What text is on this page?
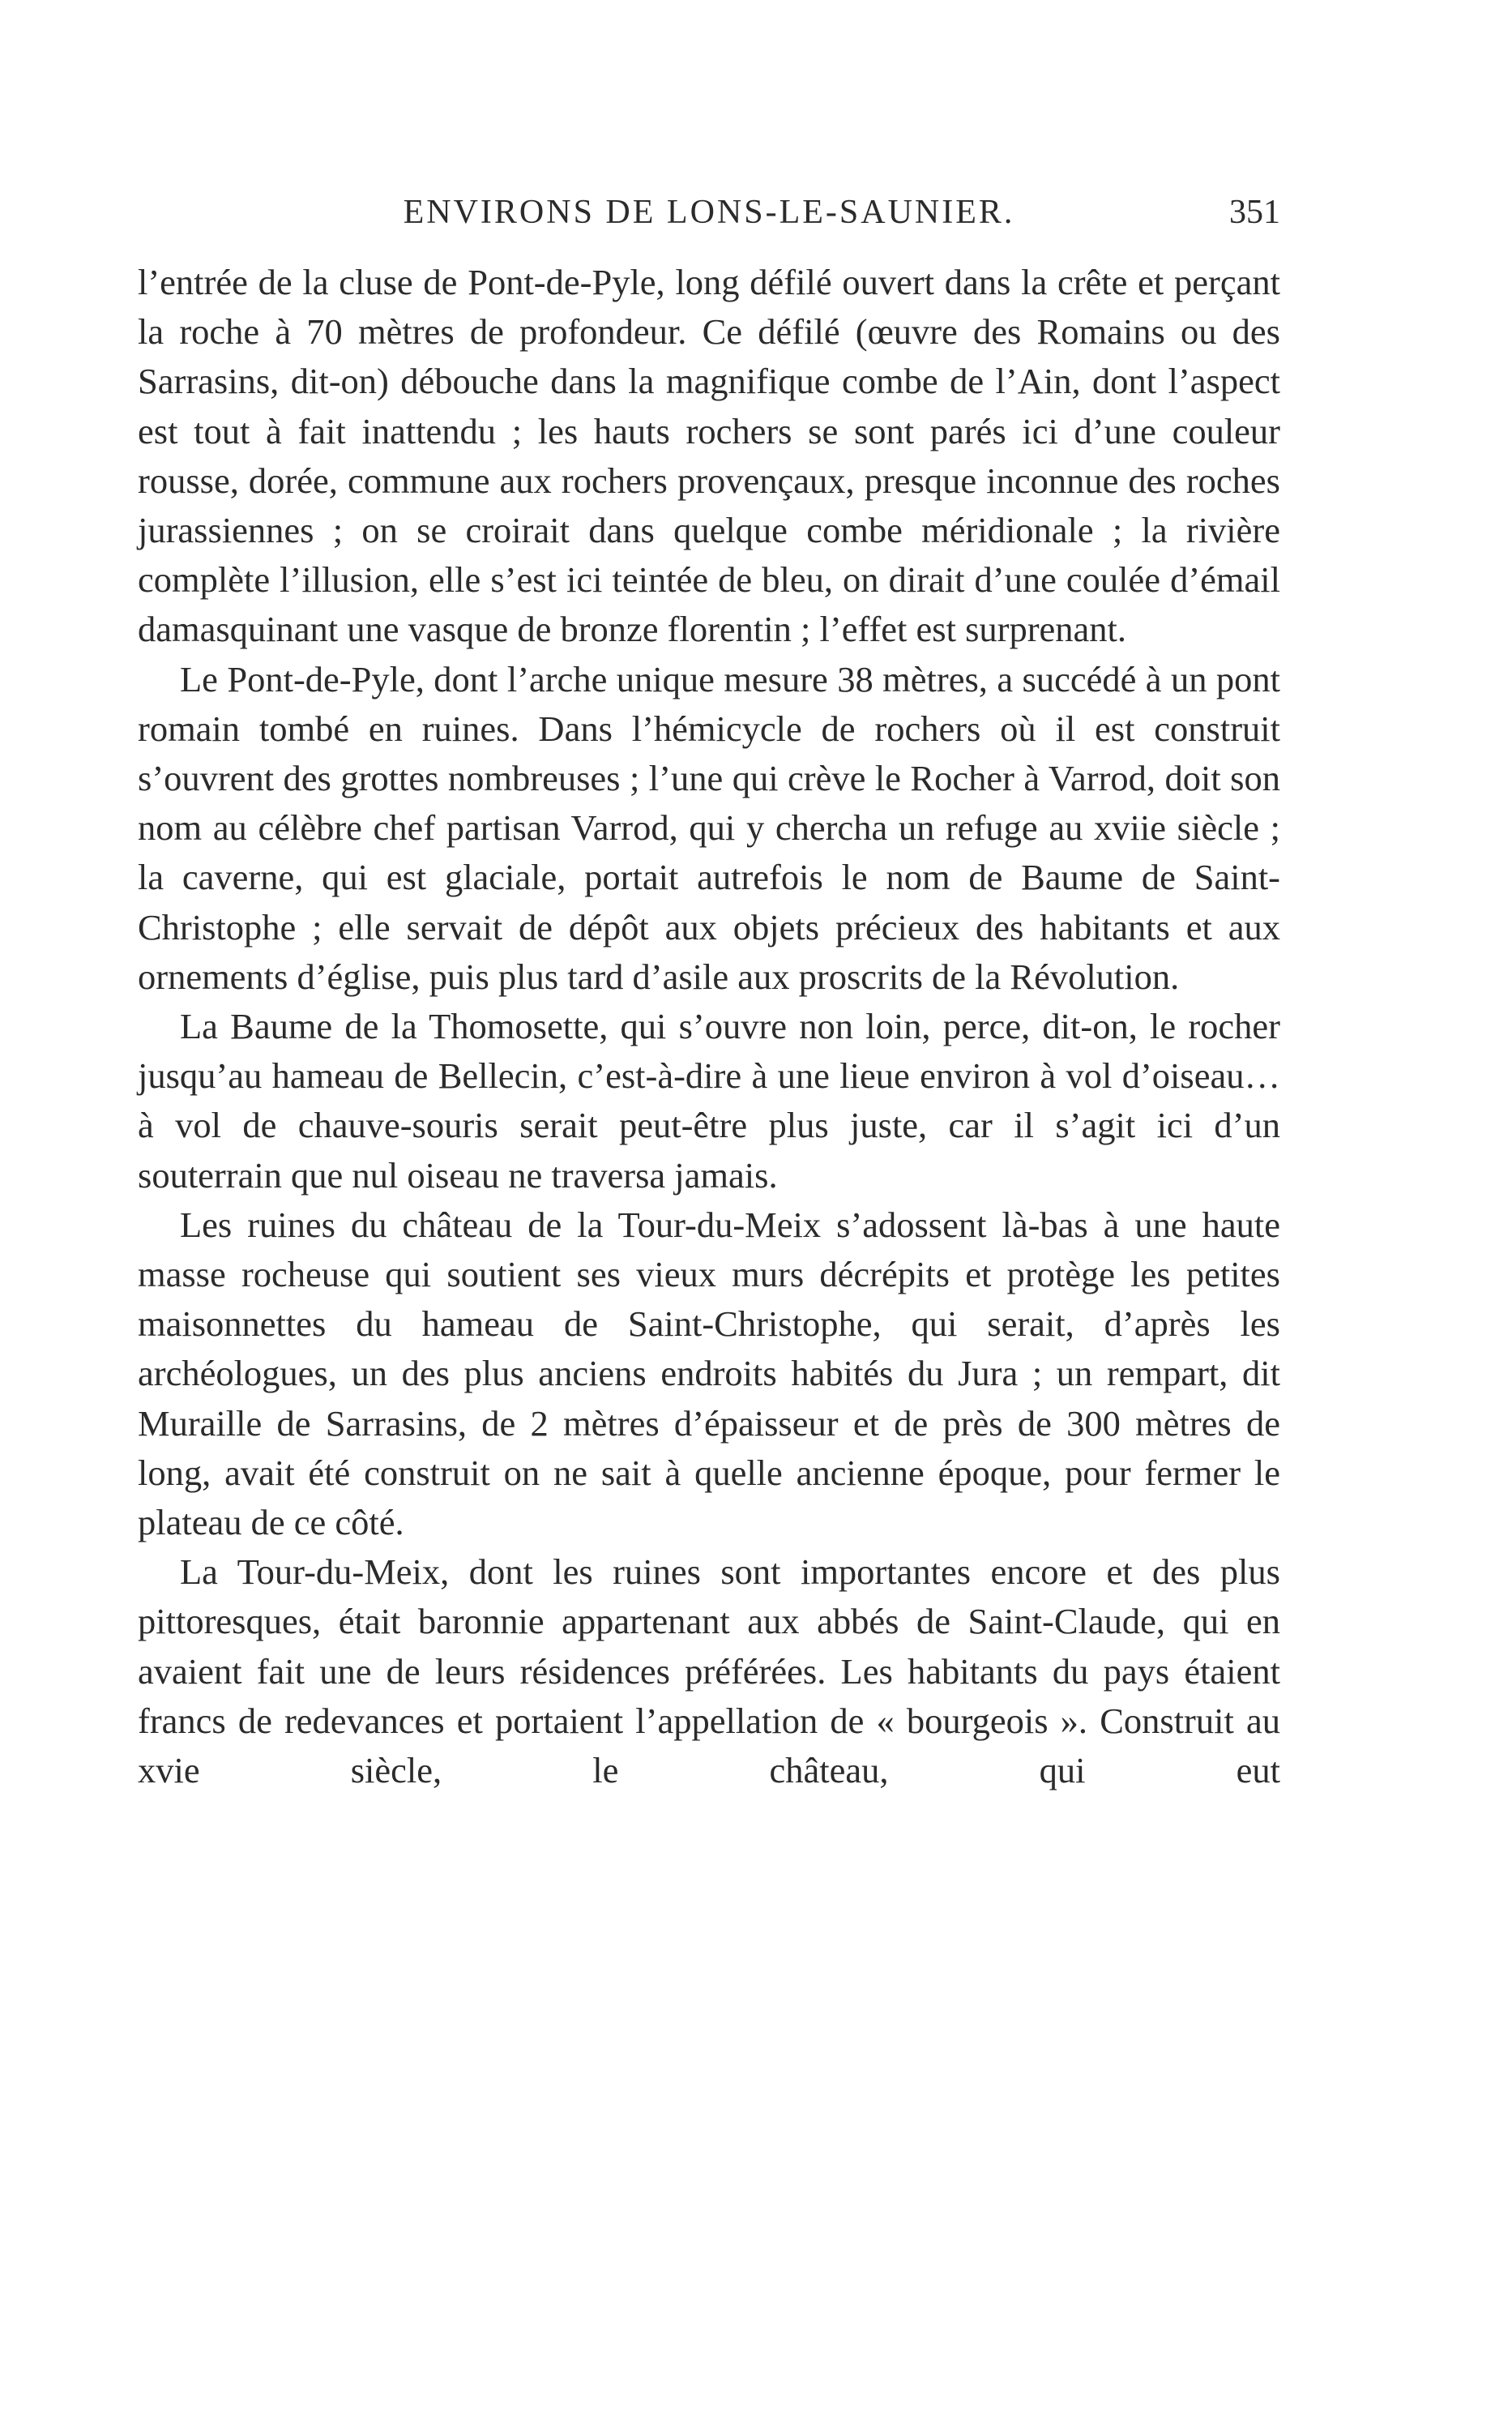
ENVIRONS DE LONS-LE-SAUNIER.	351

l’entrée de la cluse de Pont-de-Pyle, long défilé ouvert dans la crête et perçant la roche à 70 mètres de profondeur. Ce défilé (œuvre des Romains ou des Sarrasins, dit-on) débouche dans la magnifique combe de l’Ain, dont l’aspect est tout à fait inattendu ; les hauts rochers se sont parés ici d’une couleur rousse, dorée, commune aux rochers provençaux, presque inconnue des roches jurassiennes ; on se croirait dans quelque combe méridionale ; la rivière complète l’illusion, elle s’est ici teintée de bleu, on dirait d’une coulée d’émail damasquinant une vasque de bronze florentin ; l’effet est surprenant.

Le Pont-de-Pyle, dont l’arche unique mesure 38 mètres, a succédé à un pont romain tombé en ruines. Dans l’hémicycle de rochers où il est construit s’ouvrent des grottes nombreuses ; l’une qui crève le Rocher à Varrod, doit son nom au célèbre chef partisan Varrod, qui y chercha un refuge au xviie siècle ; la caverne, qui est glaciale, portait autrefois le nom de Baume de Saint-Christophe ; elle servait de dépôt aux objets précieux des habitants et aux ornements d’église, puis plus tard d’asile aux proscrits de la Révolution.

La Baume de la Thomosette, qui s’ouvre non loin, perce, dit-on, le rocher jusqu’au hameau de Bellecin, c’est-à-dire à une lieue environ à vol d’oiseau… à vol de chauve-souris serait peut-être plus juste, car il s’agit ici d’un souterrain que nul oiseau ne traversa jamais.

Les ruines du château de la Tour-du-Meix s’adossent là-bas à une haute masse rocheuse qui soutient ses vieux murs décrépits et protège les petites maisonnettes du hameau de Saint-Christophe, qui serait, d’après les archéologues, un des plus anciens endroits habités du Jura ; un rempart, dit Muraille de Sarrasins, de 2 mètres d’épaisseur et de près de 300 mètres de long, avait été construit on ne sait à quelle ancienne époque, pour fermer le plateau de ce côté.

La Tour-du-Meix, dont les ruines sont importantes encore et des plus pittoresques, était baronnie appartenant aux abbés de Saint-Claude, qui en avaient fait une de leurs résidences préférées. Les habitants du pays étaient francs de redevances et portaient l’appellation de « bourgeois ». Construit au xvie siècle, le château, qui eut
